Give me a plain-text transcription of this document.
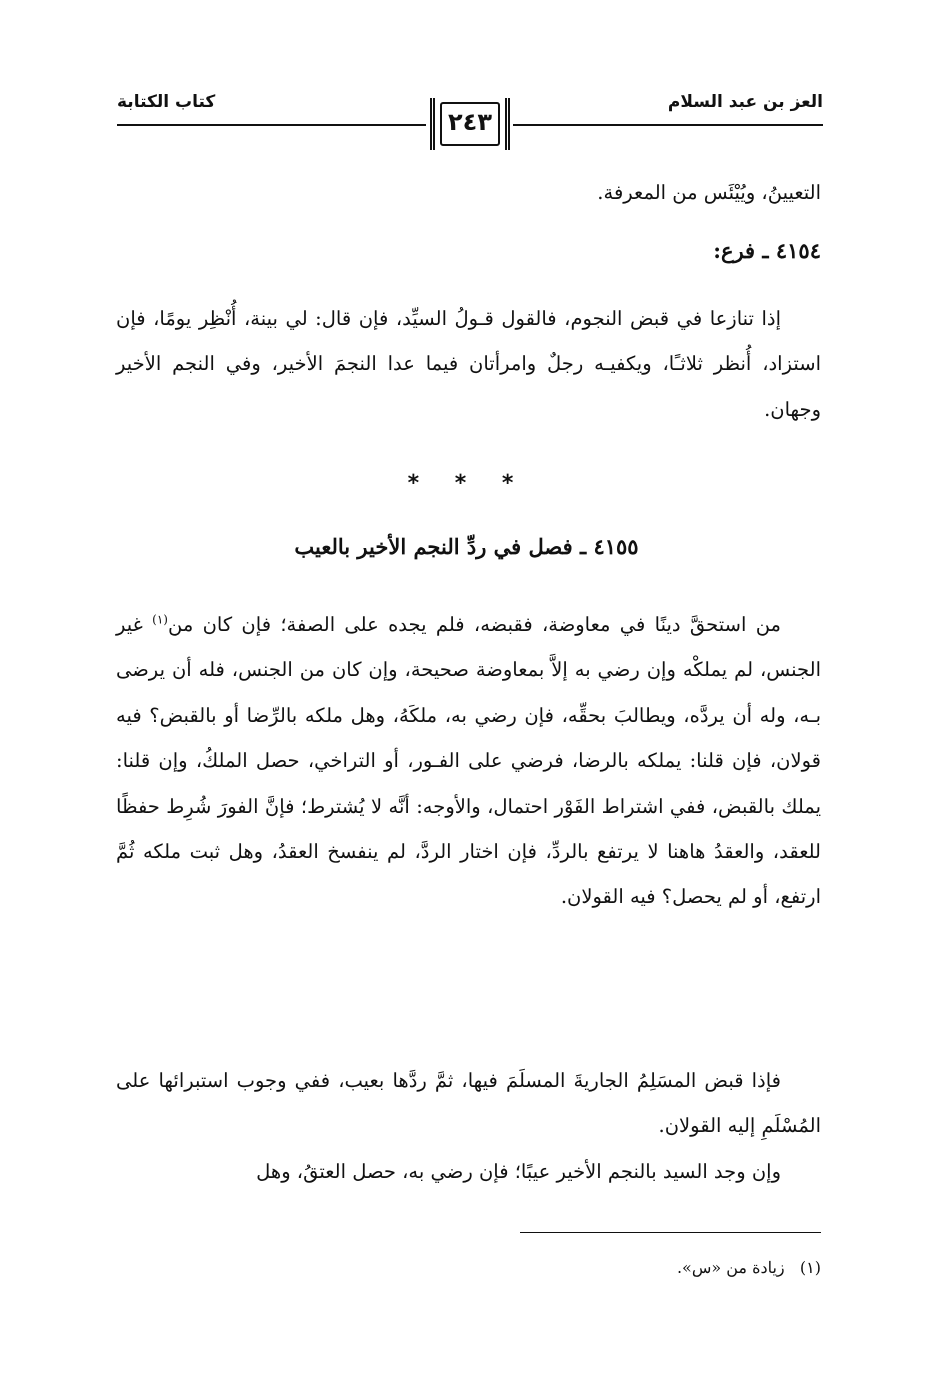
العز بن عبد السلام
كتاب الكتابة
٢٤٣
التعيينُ، ويُيْئَس من المعرفة.
٤١٥٤ ـ فرع:
إذا تنازعا في قبض النجوم، فالقول قـولُ السيِّد، فإن قال: لي بينة، أُنْظِر يومًا، فإن استزاد، أُنظر ثلاثـًا، ويكفيـه رجلٌ وامرأتان فيما عدا النجمَ الأخير، وفي النجم الأخير وجهان.
* * *
٤١٥٥ ـ فصل في ردِّ النجم الأخير بالعيب
من استحقَّ دينًا في معاوضة، فقبضه، فلم يجده على الصفة؛ فإن كان من$^{(١)}$ غير الجنس، لم يملكْه وإن رضي به إلاَّ بمعاوضة صحيحة، وإن كان من الجنس، فله أن يرضى بـه، وله أن يردَّه، ويطالبَ بحقِّه، فإن رضي به، ملكَهُ، وهل ملكه بالرِّضا أو بالقبض؟ فيه قولان، فإن قلنا: يملكه بالرضا، فرضي على الفـور، أو التراخي، حصل الملكُ، وإن قلنا: يملك بالقبض، ففي اشتراط الفَوْر احتمال، والأوجه: أنَّه لا يُشترط؛ فإنَّ الفورَ شُرِط حفظًا للعقد، والعقدُ هاهنا لا يرتفع بالردِّ، فإن اختار الردَّ، لم ينفسخ العقدُ، وهل ثبت ملكه ثُمَّ ارتفع، أو لم يحصل؟ فيه القولان.
فإذا قبض المسَلِمُ الجاريةَ المسلَمَ فيها، ثمَّ ردَّها بعيب، ففي وجوب استبرائها على المُسْلَمِ إليه القولان.
وإن وجد السيد بالنجم الأخير عيبًا؛ فإن رضي به، حصل العتقُ، وهل
(١)   زيادة من «س».
